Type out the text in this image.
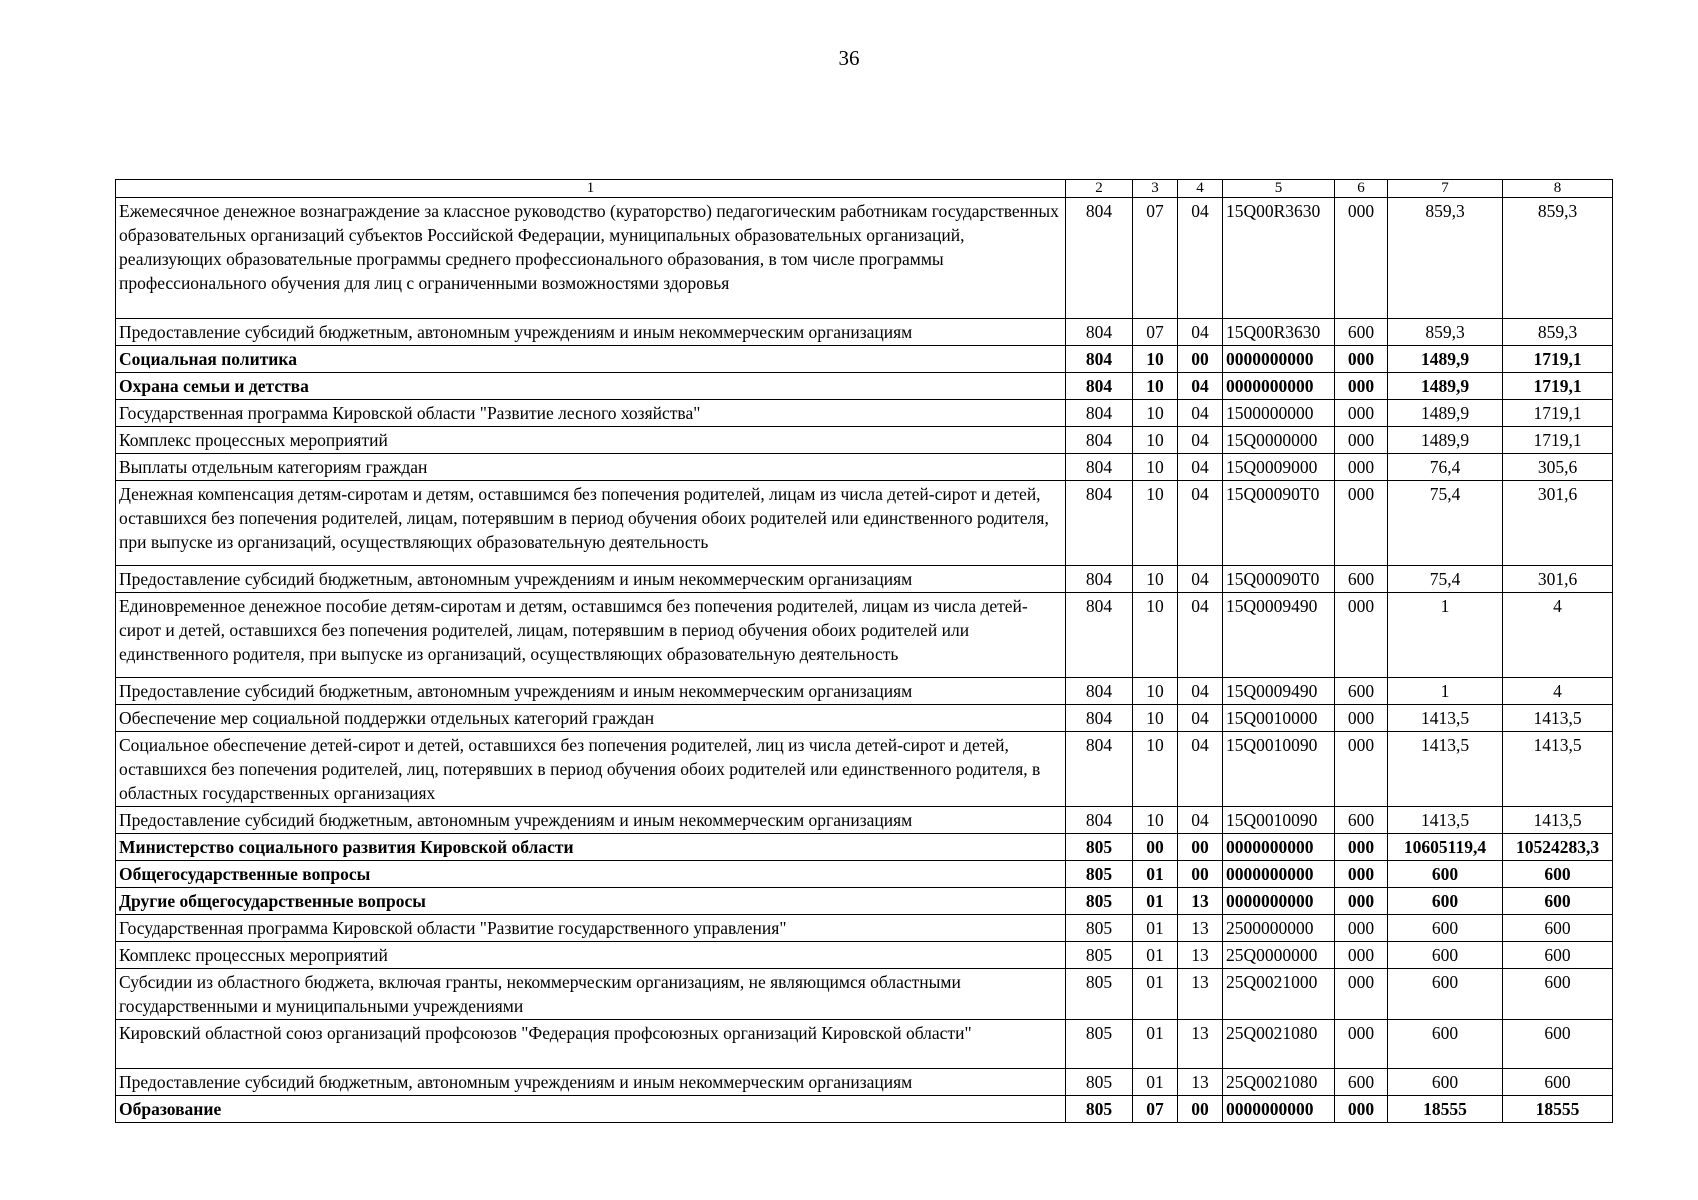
36
1	2	3	4	5	6	7	8
Ежемесячное денежное вознаграждение за классное руководство (кураторство) педагогическим работникам государственных образовательных организаций субъектов Российской Федерации, муниципальных образовательных организаций, реализующих образовательные программы среднего профессионального образования, в том числе программы профессионального обучения для лиц с ограниченными возможностями здоровья	804	07	04	15Q00R3630	000	859,3	859,3
Предоставление субсидий бюджетным, автономным учреждениям и иным некоммерческим организациям	804	07	04	15Q00R3630	600	859,3	859,3
Социальная политика	804	10	00	0000000000	000	1489,9	1719,1
Охрана семьи и детства	804	10	04	0000000000	000	1489,9	1719,1
Государственная программа Кировской области "Развитие лесного хозяйства"	804	10	04	1500000000	000	1489,9	1719,1
Комплекс процессных мероприятий	804	10	04	15Q0000000	000	1489,9	1719,1
Выплаты отдельным категориям граждан	804	10	04	15Q0009000	000	76,4	305,6
Денежная компенсация детям-сиротам и детям, оставшимся без попечения родителей, лицам из числа детей-сирот и детей, оставшихся без попечения родителей, лицам, потерявшим в период обучения обоих родителей или единственного родителя, при выпуске из организаций, осуществляющих образовательную деятельность	804	10	04	15Q00090T0	000	75,4	301,6
Предоставление субсидий бюджетным, автономным учреждениям и иным некоммерческим организациям	804	10	04	15Q00090T0	600	75,4	301,6
Единовременное денежное пособие детям-сиротам и детям, оставшимся без попечения родителей, лицам из числа детей-сирот и детей, оставшихся без попечения родителей, лицам, потерявшим в период обучения обоих родителей или единственного родителя, при выпуске из организаций, осуществляющих образовательную деятельность	804	10	04	15Q0009490	000	1	4
Предоставление субсидий бюджетным, автономным учреждениям и иным некоммерческим организациям	804	10	04	15Q0009490	600	1	4
Обеспечение мер социальной поддержки отдельных категорий граждан	804	10	04	15Q0010000	000	1413,5	1413,5
Социальное обеспечение детей-сирот и детей, оставшихся без попечения родителей, лиц из числа детей-сирот и детей, оставшихся без попечения родителей, лиц, потерявших в период обучения обоих родителей или единственного родителя, в областных государственных организациях	804	10	04	15Q0010090	000	1413,5	1413,5
Предоставление субсидий бюджетным, автономным учреждениям и иным некоммерческим организациям	804	10	04	15Q0010090	600	1413,5	1413,5
Министерство социального развития Кировской области	805	00	00	0000000000	000	10605119,4	10524283,3
Общегосударственные вопросы	805	01	00	0000000000	000	600	600
Другие общегосударственные вопросы	805	01	13	0000000000	000	600	600
Государственная программа Кировской области "Развитие государственного управления"	805	01	13	2500000000	000	600	600
Комплекс процессных мероприятий	805	01	13	25Q0000000	000	600	600
Субсидии из областного бюджета, включая гранты, некоммерческим организациям, не являющимся областными государственными и муниципальными учреждениями	805	01	13	25Q0021000	000	600	600
Кировский областной союз организаций профсоюзов "Федерация профсоюзных организаций Кировской области"	805	01	13	25Q0021080	000	600	600
Предоставление субсидий бюджетным, автономным учреждениям и иным некоммерческим организациям	805	01	13	25Q0021080	600	600	600
Образование	805	07	00	0000000000	000	18555	18555
